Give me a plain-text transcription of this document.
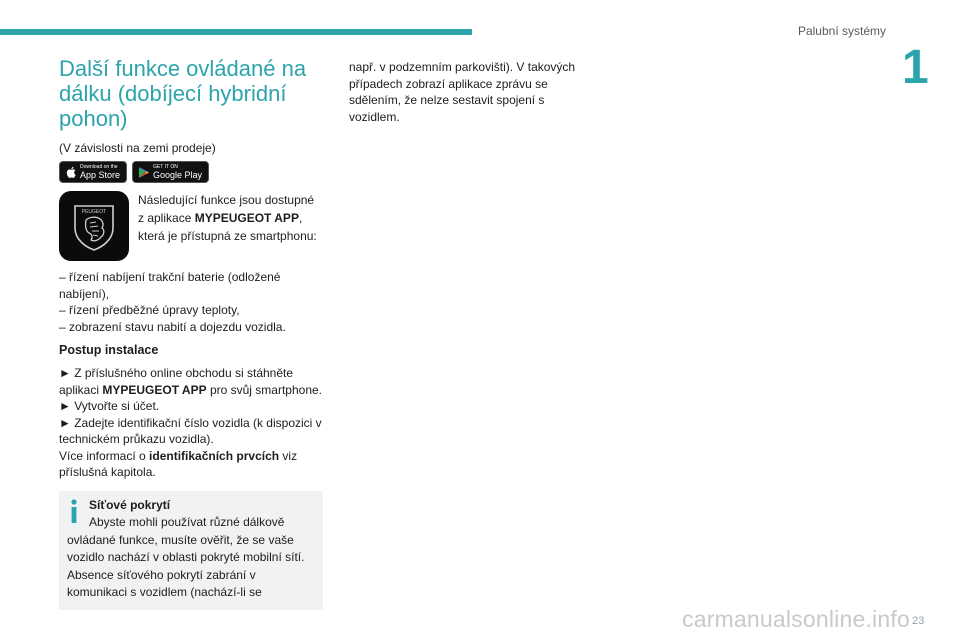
Palubní systémy
1
Další funkce ovládané na
dálku (dobíjecí hybridní
pohon)

(V závislosti na zemi prodeje)

Download on the
App Store
GET IT ON
Google Play
PEUGEOT
Následující funkce jsou dostupné z aplikace MYPEUGEOT APP, která je přístupná ze smartphonu:

– řízení nabíjení trakční baterie (odložené nabíjení),

– řízení předběžné úpravy teploty,

– zobrazení stavu nabití a dojezdu vozidla.

Postup instalace

► Z příslušného online obchodu si stáhněte aplikaci MYPEUGEOT APP pro svůj smartphone.

► Vytvořte si účet.

► Zadejte identifikační číslo vozidla (k dispozici v technickém průkazu vozidla).

Více informací o identifikačních prvcích viz příslušná kapitola.

Síťové pokrytí
Abyste mohli používat různé dálkově
ovládané funkce, musíte ověřit, že se vaše vozidlo nachází v oblasti pokryté mobilní sítí. Absence síťového pokrytí zabrání v komunikaci s vozidlem (nachází-li se

např. v podzemním parkovišti). V takových případech zobrazí aplikace zprávu se sdělením, že nelze sestavit spojení s vozidlem.

carmanualsonline.info 23
